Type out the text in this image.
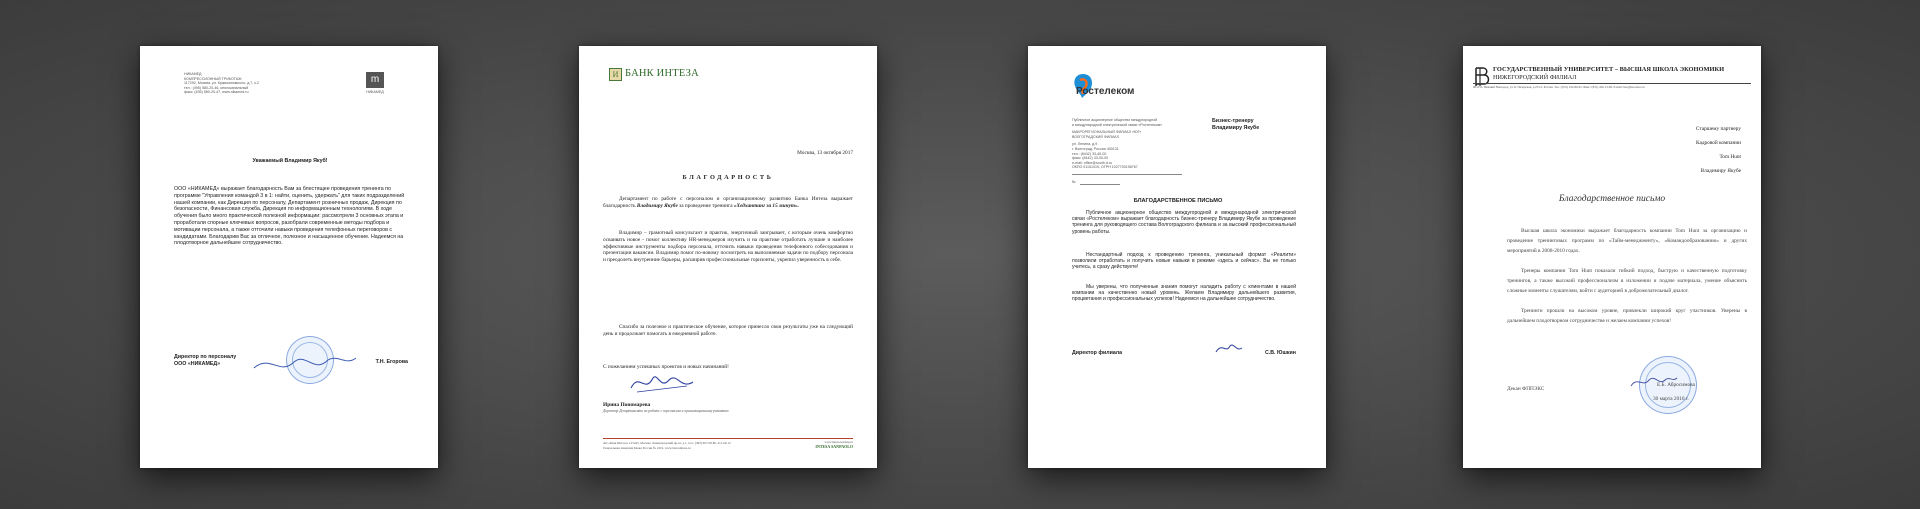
НИКАМЕД
КОМПРЕССИОННЫЙ ТРИКОТАЖ
117292, Москва, ул. Кржижановского, д.7, к.2
тел.: (495) 580-20-46, многоканальный
факс: (495) 580-20-47, www.nikamed.ru
m
НИКАМЕД
Уважаемый Владимир Якуб!
ООО «НИКАМЕД» выражает благодарность Вам за блестящее проведения тренинга по программе "Управления командой 3 в 1: найти, оценить, удержать" для таких подразделений нашей компании, как Дирекция по персоналу, Департамент розничных продаж, Дирекция по безопасности, Финансовая служба, Дирекция по информационным технологиям. В ходе обучения было много практической полезной информации: рассмотрели 3 основных этапа и проработали спорные ключевых вопросов, разобрали современные методы подбора и мотивации персонала, а также отточили навыки проведения телефонных переговоров с кандидатами. Благодарим Вас за отличное, полезное и насыщенное обучение. Надеемся на плодотворное дальнейшее сотрудничество.
Директор по персоналу
ООО «НИКАМЕД»	Т.Н. Егорова
И БАНК ИНТЕЗА
Москва, 13 октября 2017
БЛАГОДАРНОСТЬ
Департамент по работе с персоналом и организационному развитию Банка Интеза выражает благодарность Владимиру Якубе за проведение тренинга «Хедхантинг за 15 минут».
Владимир – грамотный консультант и практик, энергичный заигрывает, с которым очень комфортно осваивать новое - помог коллективу HR-менеджеров изучить и на практике отработать лучшие и наиболее эффективные инструменты подбора персонала, отточить навыки проведения телефонного собеседования и презентации вакансии. Владимир помог по-новому посмотреть на выполняемые задачи по подбору персонала и преодолеть внутренние барьеры, расширив профессиональные горизонты, укрепил уверенность в себе.
Спасибо за полезное и практическое обучение, которое принесло свои результаты уже на следующий день и продолжает помогать в ежедневной работе.
С пожеланием успешных проектов и новых начинаний!
Ирина Пономарева
Директор Департамента по работе с персоналом и организационному развитию
АО «Банк Интеза» 125445, Москва, Ленинградский пр-кт, д.1, тел.: (495) 967-08-80, 411-69-12
Генеральная лицензия Банка России № 2216, www.bancaintesa.ru
www.intesa-leasing.ru
INTESA SANPAOLO
Ростелеком
Публичное акционерное общество междугородной
и международной электрической связи «Ростелеком»
МАКРОРЕГИОНАЛЬНЫЙ ФИЛИАЛ «ЮГ»
ВОЛГОГРАДСКИЙ ФИЛИАЛ
ул. Ленина, д.9
г. Волгоград, Россия 400131
тел.: (8442) 33-40-00
факс: (8442) 33-00-00
e-mail: office@south.rt.ru
ОКПО 01151419, ОГРН 1027700198767
№
Бизнес-тренеру
Владимиру Якубе
БЛАГОДАРСТВЕННОЕ ПИСЬМО
Публичное акционерное общество междугородной и международной электрической связи «Ростелеком» выражает благодарность бизнес-тренеру Владимиру Якубе за проведение тренинга для руководящего состава Волгоградского филиала и за высокий профессиональный уровень работы.
Нестандартный подход к проведению тренинга, уникальный формат «Реалити» позволили отработать и получить новые навыки в режиме «здесь и сейчас». Вы не только учитесь, а сразу действуете!
Мы уверены, что полученные знания помогут наладить работу с клиентами в нашей компании на качественно новый уровень. Желаем Владимиру дальнейшего развития, процветания и профессиональных успехов! Надеемся на дальнейшее сотрудничество.
Директор филиала	С.В. Юшкин
ГОСУДАРСТВЕННЫЙ УНИВЕРСИТЕТ – ВЫСШАЯ ШКОЛА ЭКОНОМИКИ
НИЖЕГОРОДСКИЙ ФИЛИАЛ
603155, Нижний Новгород, ул. Б. Печерская, д.25/12, Россия. Тел.: (831) 432-80-65, Факс: (831) 436-13-08, E-mail: hse@hse.nnov.ru
Старшему партнеру
Кадровой компании
Tom Hunt
Владимиру Якубе
Благодарственное письмо
Высшая школа экономики выражает благодарность компании Tom Hunt за организацию и проведение тренинговых программ по «Тайм-менеджменту», «Командообразованию» и других мероприятий в 2008-2010 годах.
Тренеры компании Tom Hunt показали гибкий подход, быструю и качественную подготовку тренингов, а также высокий профессионализм в изложении и подаче материала, умение объяснить сложные моменты слушателям, войти с аудиторией в доброжелательный диалог.
Тренинги прошли на высоком уровне, привлекли широкий круг участников. Уверены в дальнейшем плодотворном сотрудничестве и желаем компании успехов!
Декан ФППЭКС
Е.Б. Абросимова
30 марта 2010 г.
